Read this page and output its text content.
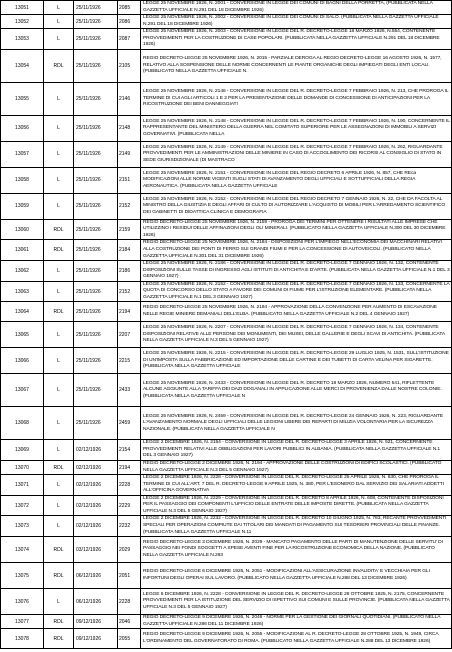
13051	L	25/11/1926	2085	LEGGE 25 NOVEMBRE 1926, N. 2001 - CONVERSIONE IN LEGGE DEI COMUNI DI BAGNI DELLA PORRETTA, (PUBBLICATA NELLA GAZZETTA UFFICIALE N.291 DEL 18 DICEMBRE 1926)
13052	L	25/11/1926	2086	LEGGE 25 NOVEMBRE 1926, N. 2002 - CONVERSIONE IN LEGGE DEI COMUNI DI SALO. (PUBBLICATA NELLA GAZZETTA UFFICIALE N.291 DEL 18 DICEMBRE 1926)
13053	L	25/11/1926	2087	LEGGE 25 NOVEMBRE 1926, N. 2003 - CONVERSIONE IN LEGGE DEL R. DECRETO-LEGGE 18 MARZO 1926, N.554, CONTENENTE PROVVEDIMENTI PER LA COSTRUZIONE DI CASE POPOLARI. (PUBBLICATA NELLA GAZZETTA UFFICIALE N.291 DEL 18 DICEMBRE 1926)
13054	RDL	25/11/1926	2105	REGIO DECRETO-LEGGE 25 NOVEMBRE 1926, N. 2015 - PARZIALE DEROGA AL REGIO DECRETO-LEGGE 16 AGOSTO 1926, N. 1577, RELATIVO ALLA SOSPENSIONE DELLE NORME CONCERNENTI LE PIANTE ORGANICHE DEGLI IMPIEGATI DEGLI ENTI LOCALI. (PUBBLICATO NELLA GAZZETTA UFFICIALE N.
13055	L	25/11/1926	2146	LEGGE 25 NOVEMBRE 1926, N. 2146 - CONVERSIONE IN LEGGE DEL R. DECRETO-LEGGE 7 FEBBRAIO 1926, N. 213, CHE PROROGA IL TERMINE DI CUI AGLI ARTICOLI 1 E 2 PER LA PRESENTAZIONE DELLE DOMANDE DI CONCESSIONE DI ANTICIPAZIONI PER LA RICOSTRUZIONE DEI BENI DANNEGGIATI
13056	L	25/11/1926	2148	LEGGE 25 NOVEMBRE 1926, N. 2148 - CONVERSIONE IN LEGGE DEL R. DECRETO-LEGGE 7 FEBBRAIO 1926, N. 190, CONCERNENTE IL RAPPRESENTANTE DEL MINISTERO DELLA GUERRA NEL COMITATO SUPERIORE PER LE ASSEGNAZIONI DI IMMOBILI A SERVIZI GOVERNATIVI. (PUBBLICATA NELLA
13057	L	25/11/1926	2149	LEGGE 25 NOVEMBRE 1926, N. 2149 - CONVERSIONE IN LEGGE DEL R. DECRETO-LEGGE 7 FEBBRAIO 1926, N. 262, RIGUARDANTE PROVVEDIMENTI PER LE AMMINISTRAZIONI DELLE MINIERE IN CASO DI ACCOGLIMENTO DEI RICORSI AL CONSIGLIO DI STATO IN SEDE GIURISDIZIONALE (DI MASTRACO
13058	L	25/11/1926	2151	LEGGE 25 NOVEMBRE 1926, N. 2151 - CONVERSIONE IN LEGGE DEL REGIO DECRETO 6 APRILE 1926, N. 857, CHE REca MODIFICAZIONI ALLE NORME VIGENTI SUGLI STATI DI AVANZAMENTO DEGLI UFFICIALI E SOTTUFFICIALI DELLA REGIA AERONAUTICA. (PUBBLICATA NELLA GAZZETTA UFFICIALE
13059	L	25/11/1926	2152	LEGGE 25 NOVEMBRE 1926, N. 2152 - CONVERSIONE IN LEGGE DEL REGIO DECRETO 7 GENNAIO 1926, N. 22, CHE DA FACOLTA AL MINISTRO DELLA GIUSTIZIA E DEGLI AFFARI DI CULTO DI AUTORIZZARE L'ACQUISTO DI MOBILI PER L'ARREDAMENTO SCIENTIFICO DEI GABINETTI DI DIDATTICA CLINICA E DEMOGRAFIA
13060	RDL	25/11/1926	2159	REGIO DECRETO-LEGGE 25 NOVEMBRE 1926, N. 2159 - PROROGA DEI TERMINI PER OTTENERE I RISULTATI ALLE IMPRESE CHE UTILIZZINO I RESIDUI DELLE AFFINAZIONI DEGLI OLI MINERALI. (PUBBLICATO NELLA GAZZETTA UFFICIALE N.300 DEL 30 DICEMBRE 1926)
13061	RDL	25/11/1926	2184	REGIO DECRETO-LEGGE 25 NOVEMBRE 1926, N. 2184 - DISPOSIZIONI PER L'IMPIEGO NELL'ECONOMIA DEI MACCHINARI RELATIVI ALLA COSTRUZIONE DEI PONTI DI FERRO SUI GRANDI FIUMI E PER LA CONCESSIONE DI AUTOVEICOLI. (PUBBLICATO NELLA GAZZETTA UFFICIALE N.301 DEL 31 DICEMBRE 1926)
13062	L	25/11/1926	2186	LEGGE 25 NOVEMBRE 1926, N. 2186 - CONVERSIONE IN LEGGE DEL R. DECRETO-LEGGE 7 GENNAIO 1926, N. 132, CONTENENTE DISPOSIZIONI SULLE TASSE DI INGRESSO AGLI ISTITUTI DI ANTICHITA E D'ARTE. (PUBBLICATA NELLA GAZZETTA UFFICIALE N.1 DEL 3 GENNAIO 1927)
13063	L	25/11/1926	2152	LEGGE 25 NOVEMBRE 1926, N. 2152 - CONVERSIONE IN LEGGE DEL R. DECRETO-LEGGE 7 GENNAIO 1926, N. 133, CONCERNENTE LA QUOTA DI CONCORSO DELLO STATO A FAVORE DEI COMUNI DI FIUME PER L'ISTRUZIONE ELEMENTARE. (PUBBLICATA NELLA GAZZETTA UFFICIALE N.1 DEL 3 GENNAIO 1927)
13064	RDL	25/11/1926	2194	REGIO DECRETO-LEGGE 25 NOVEMBRE 1926, N. 2194 - APPROVAZIONE DELLA CONVENZIONE PER AUMENTO DI ESCAVAZIONE NELLE REGIE MINIERE DEMANIALI DELL'ELBA. (PUBBLICATO NELLA GAZZETTA UFFICIALE N.2 DEL 4 GENNAIO 1927)
13065	L	25/11/1926	2207	LEGGE 25 NOVEMBRE 1926, N. 2207 - CONVERSIONE IN LEGGE DEL R. DECRETO-LEGGE 7 GENNAIO 1926, N. 134, CONTENENTE DISPOSIZIONI RELATIVE ALLE PERSONE DEI MONUMENTI, DEI MUSEI, DELLE GALLERIE E DEGLI SCAVI DI ANTICHITA. (PUBBLICATA NELLA GAZZETTA UFFICIALE N.3 DEL 5 GENNAIO 1927)
13066	L	25/11/1926	2215	LEGGE 25 NOVEMBRE 1926, N. 2215 - CONVERSIONE IN LEGGE DEL R. DECRETO-LEGGE 29 LUGLIO 1925, N. 1531, SULL'ISTITUZIONE DI UN'IMPOSTA SULLA FABBRICAZIONE ED IMPORTAZIONE DELLE CARTINE E DEI TUBETTI DI CARTA VELINA PER SIGARETTE. (PUBBLICATA NELLA GAZZETTA UFFICIALE
13067	L	25/11/1926	2433	LEGGE 25 NOVEMBRE 1926, N. 2433 - CONVERSIONE IN LEGGE DEL R. DECRETO 18 MARZO 1926, NUMERO 541, RIFLETTENTE ALCUNE AGGIUNTE ALLA TARIFFA DEI DAZI DOGANALI IN APPLICAZIONE ALLE MERCI DI PROVENIENZA DALLE NOSTRE COLONIE. (PUBBLICATA NELLA GAZZETTA UFFICIALE N
13068	L	25/11/1926	2459	LEGGE 25 NOVEMBRE 1926, N. 2459 - CONVERSIONE IN LEGGE DEL R. DECRETO-LEGGE 24 GENNAIO 1926, N. 223, RIGUARDANTE L'AVANZAMENTO NORMALE DEGLI UFFICIALI DELLE LEGIONI LIBERE DEI REPARTI DI MILIZIA VOLONTARIA PER LA SICUREZZA NAZIONALE. (PUBBLICATA NELLA GAZZETTA UFFICIALE N
13069	L	02/12/1926	2154	LEGGE 2 DICEMBRE 1926, N. 2154 - CONVERSIONE IN LEGGE DEL R. DECRETO-LEGGE 3 APRILE 1926, N. 521, CONCERNENTE PROVVEDIMENTI RELATIVI ALLE OBBLIGAZIONI PER LAVORI PUBBLICI IN ALBANIA. (PUBBLICATA NELLA GAZZETTA UFFICIALE N.1 DEL 3 GENNAIO 1927)
13070	RDL	02/12/1926	2194	REGIO DECRETO-LEGGE 2 DICEMBRE 1926, N. 2194 - APPROVAZIONE DELLE COSTRUZIONI DI EDIFICI SCOLASTICI. (PUBBLICATO NELLA GAZZETTA UFFICIALE N.3 DEL 5 GENNAIO 1927)
13071	L	02/12/1926	2228	LEGGE 2 DICEMBRE 1926, N. 2228 - CONVERSIONE IN LEGGE DEL R. DECRETO-LEGGE 25 APRILE 1926, N. 630, CHE PROROGA IL TERMINE DI CUI ALL'ART. 7 DEL R. DECRETO-LEGGE 9 APRILE 1925, N. 380, PER L'ESONERO DAL SERVIZIO DEI SALARIATI ADDETTI ALL'OFFICINA GOVERNATIVA
13072	L	02/12/1926	2229	LEGGE 2 DICEMBRE 1926, N. 2229 - CONVERSIONE IN LEGGE DEL R. DECRETO 8 APRILE 1926, N. 608, CONTENENTE DISPOSIZIONI PER IL PASSAGGIO DEI COMPONENTI L'UFFICIO DELLE ENTRATE DELLE IMPOSTE DIRETTE. (PUBBLICATA NELLA GAZZETTA UFFICIALE N.3 DEL 5 GENNAIO 1927)
13073	L	02/12/1926	2232	LEGGE 2 DICEMBRE 1926, N. 2232 - CONVERSIONE IN LEGGE DEL R. DECRETO 10 GIUGNO 1925, N. 783, RECANTE PROVVEDIMENTI SPECIALI PER OPERAZIONI COMPIUTE DAI TITOLARI DEI MANDATI DI PAGAMENTO SUI TESORIERI PROVINCIALI DELLE FINANZE. (PUBBLICATA NELLA GAZZETTA UFFICIALE N.11
13074	RDL	03/12/1926	2029	REGIO DECRETO-LEGGE 3 DICEMBRE 1926, N. 2029 - MANCATO PAGAMENTO DELLE PARTI DI MANUTENZIONE DELLE SERVITU' DI PASSAGGIO NEI FONDI SOGGETTI A SPESE AVENTI FINE PER LA RICOSTRUZIONE ECONOMICA DELLA NAZIONE. (PUBBLICATO NELLA GAZZETTA UFFICIALE N.293
13075	RDL	06/12/1926	2051	REGIO DECRETO-LEGGE 6 DICEMBRE 1926, N. 2051 - MODIFICAZIONI ALL'ASSICURAZIONE INVALIDITA' E VECCHIAIA PER GLI INFORTUNI DEGLI OPERAI SUL LAVORO. (PUBBLICATO NELLA GAZZETTA UFFICIALE N.288 DEL 13 DICEMBRE 1926)
13076	L	06/12/1926	2228	LEGGE 6 DICEMBRE 1926, N. 2228 - CONVERSIONE IN LEGGE DEL R. DECRETO-LEGGE 28 OTTOBRE 1925, N. 2175, CONCERNENTE PROVVEDIMENTI PER LA ISTITUZIONE DEL SERVIZIO DI ISPETTIVO SUI COMUNI E SULLE PROVINCIE. (PUBBLICATA NELLA GAZZETTA UFFICIALE N.3 DEL 5 GENNAIO 1927)
13077	RDL	09/12/1926	2046	REGIO DECRETO-LEGGE 9 DICEMBRE 1926, N. 2046 - NORME PER LA GESTIONE DEI GIORNALI QUOTIDIANI. (PUBBLICATO NELLA GAZZETTA UFFICIALE N.286 DEL 11 DICEMBRE 1926)
13078	RDL	09/12/1926	2055	REGIO DECRETO-LEGGE 9 DICEMBRE 1926, N. 2055 - MODIFICAZIONE AL R. DECRETO-LEGGE 28 OTTOBRE 1925, N. 1949, CIRCA L'ORDINAMENTO DEL GOVERNATORATO DI ROMA. (PUBBLICATO NELLA GAZZETTA UFFICIALE N.288 DEL 13 DICEMBRE 1926)
